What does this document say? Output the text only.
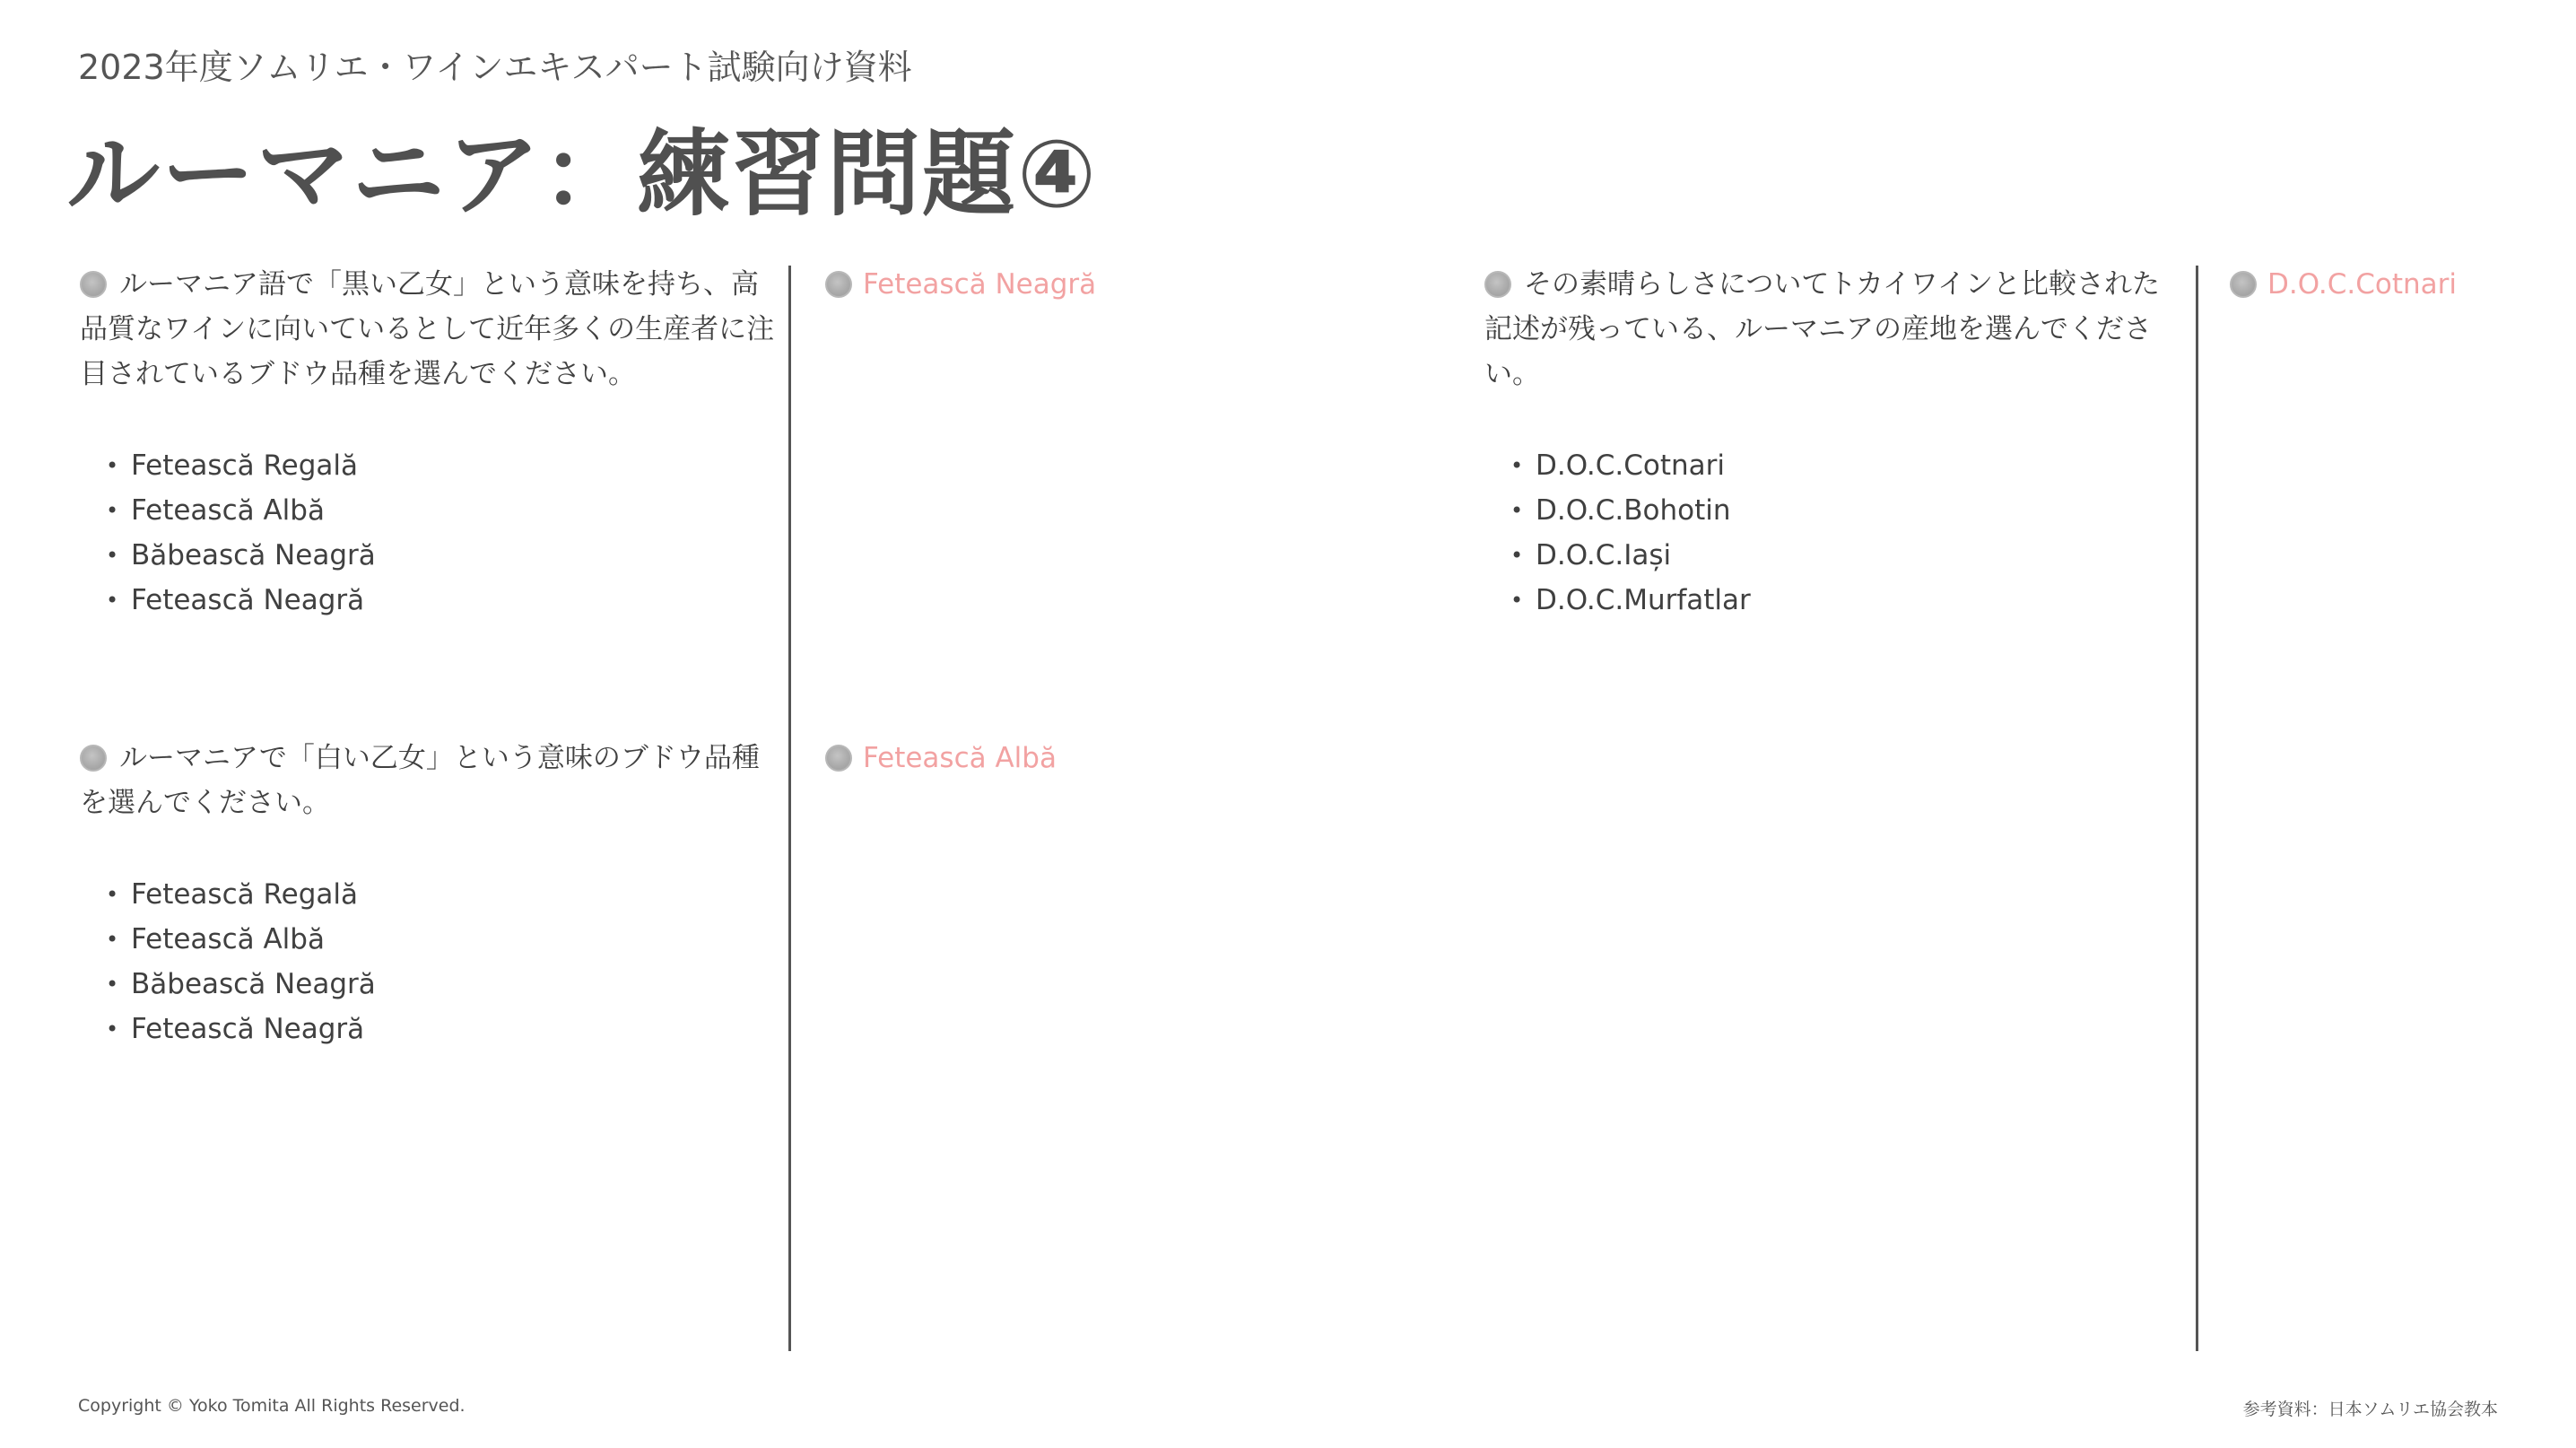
2023年度ソムリエ・ワインエキスパート試験向け資料
ルーマニア：練習問題④
ルーマニア語で「黒い乙女」という意味を持ち、高品質なワインに向いているとして近年多くの生産者に注目されているブドウ品種を選んでください。
• Fetească Regală
• Fetească Albă
• Băbească Neagră
• Fetească Neagră
Fetească Neagră
ルーマニアで「白い乙女」という意味のブドウ品種を選んでください。
• Fetească Regală
• Fetească Albă
• Băbească Neagră
• Fetească Neagră
Fetească Albă
その素晴らしさについてトカイワインと比較された記述が残っている、ルーマニアの産地を選んでください。
• D.O.C.Cotnari
• D.O.C.Bohotin
• D.O.C.Iași
• D.O.C.Murfatlar
D.O.C.Cotnari
Copyright © Yoko Tomita All Rights Reserved.	参考資料：日本ソムリエ協会教本
